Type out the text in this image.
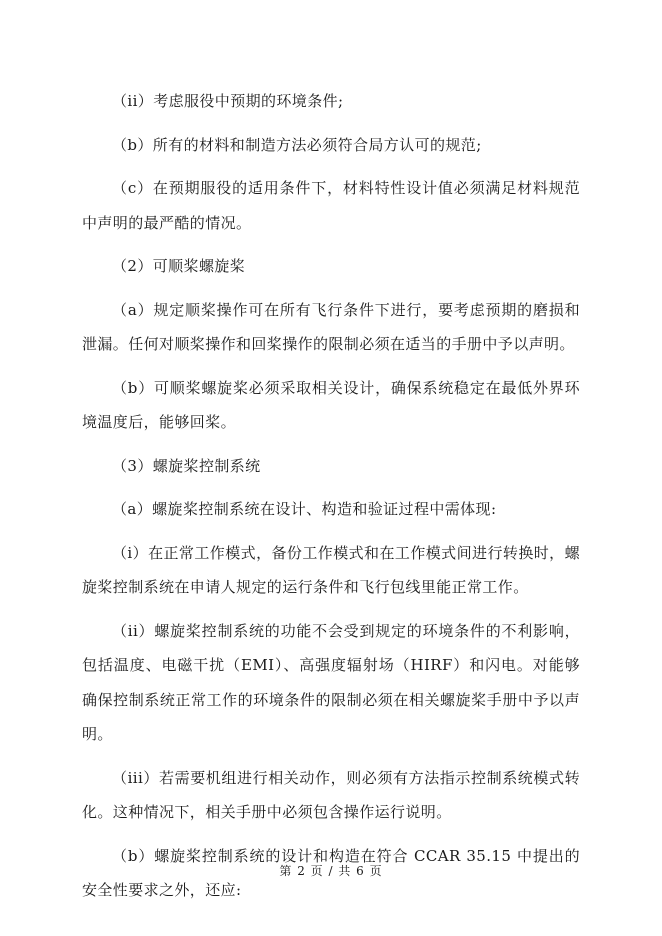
（ii）考虑服役中预期的环境条件;

（b）所有的材料和制造方法必须符合局方认可的规范;

（c）在预期服役的适用条件下，材料特性设计值必须满足材料规范中声明的最严酷的情况。

（2）可顺桨螺旋桨

（a）规定顺桨操作可在所有飞行条件下进行，要考虑预期的磨损和泄漏。任何对顺桨操作和回桨操作的限制必须在适当的手册中予以声明。

（b）可顺桨螺旋桨必须采取相关设计，确保系统稳定在最低外界环境温度后，能够回桨。

（3）螺旋桨控制系统

（a）螺旋桨控制系统在设计、构造和验证过程中需体现:

（i）在正常工作模式，备份工作模式和在工作模式间进行转换时，螺旋桨控制系统在申请人规定的运行条件和飞行包线里能正常工作。

（ii）螺旋桨控制系统的功能不会受到规定的环境条件的不利影响，包括温度、电磁干扰（EMI）、高强度辐射场（HIRF）和闪电。对能够确保控制系统正常工作的环境条件的限制必须在相关螺旋桨手册中予以声明。

（iii）若需要机组进行相关动作，则必须有方法指示控制系统模式转化。这种情况下，相关手册中必须包含操作运行说明。

（b）螺旋桨控制系统的设计和构造在符合 CCAR 35.15 中提出的安全性要求之外，还应:

第 2 页 / 共 6 页
